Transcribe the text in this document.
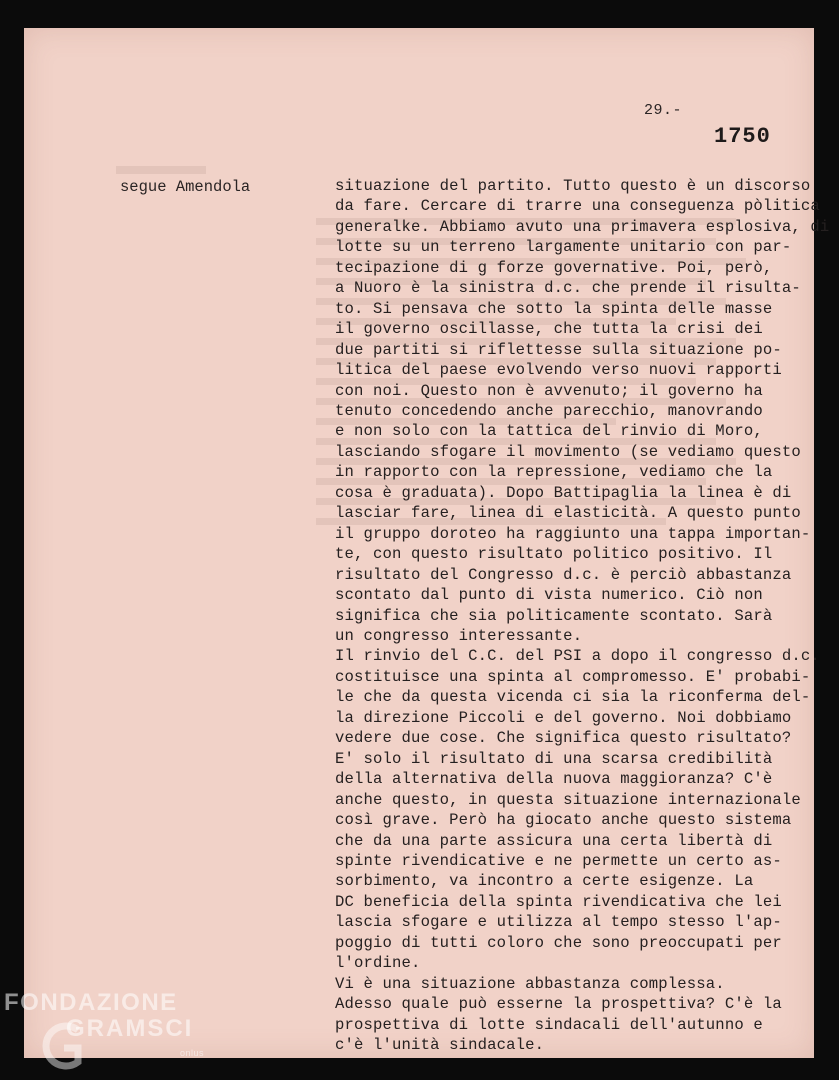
29.-
1750
segue Amendola	situazione del partito. Tutto questo è un discorso
da fare. Cercare di trarre una conseguenza pòlitica
generalke. Abbiamo avuto una primavera esplosiva, di
lotte su un terreno largamente unitario con par-
tecipazione di g forze governative. Poi, però,
a Nuoro è la sinistra d.c. che prende il risulta-
to. Si pensava che sotto la spinta delle masse
il governo oscillasse, che tutta la crisi dei
due partiti si riflettesse sulla situazione po-
litica del paese evolvendo verso nuovi rapporti
con noi. Questo non è avvenuto; il governo ha
tenuto concedendo anche parecchio, manovrando
e non solo con la tattica del rinvio di Moro,
lasciando sfogare il movimento (se vediamo questo
in rapporto con la repressione, vediamo che la
cosa è graduata). Dopo Battipaglia la linea è di
lasciar fare, linea di elasticità. A questo punto
il gruppo doroteo ha raggiunto una tappa importan-
te, con questo risultato politico positivo. Il
risultato del Congresso d.c. è perciò abbastanza
scontato dal punto di vista numerico. Ciò non
significa che sia politicamente scontato. Sarà
un congresso interessante.
Il rinvio del C.C. del PSI a dopo il congresso d.c.
costituisce una spinta al compromesso. E' probabi-
le che da questa vicenda ci sia la riconferma del-
la direzione Piccoli e del governo. Noi dobbiamo
vedere due cose. Che significa questo risultato?
E' solo il risultato di una scarsa credibilità
della alternativa della nuova maggioranza? C'è
anche questo, in questa situazione internazionale
così grave. Però ha giocato anche questo sistema
che da una parte assicura una certa libertà di
spinte rivendicative e ne permette un certo as-
sorbimento, va incontro a certe esigenze. La
DC beneficia della spinta rivendicativa che lei
lascia sfogare e utilizza al tempo stesso l'ap-
poggio di tutti coloro che sono preoccupati per
l'ordine.
Vi è una situazione abbastanza complessa.
Adesso quale può esserne la prospettiva? C'è la
prospettiva di lotte sindacali dell'autunno e
c'è l'unità sindacale.
FONDAZIONE
GRAMSCI
onlus
